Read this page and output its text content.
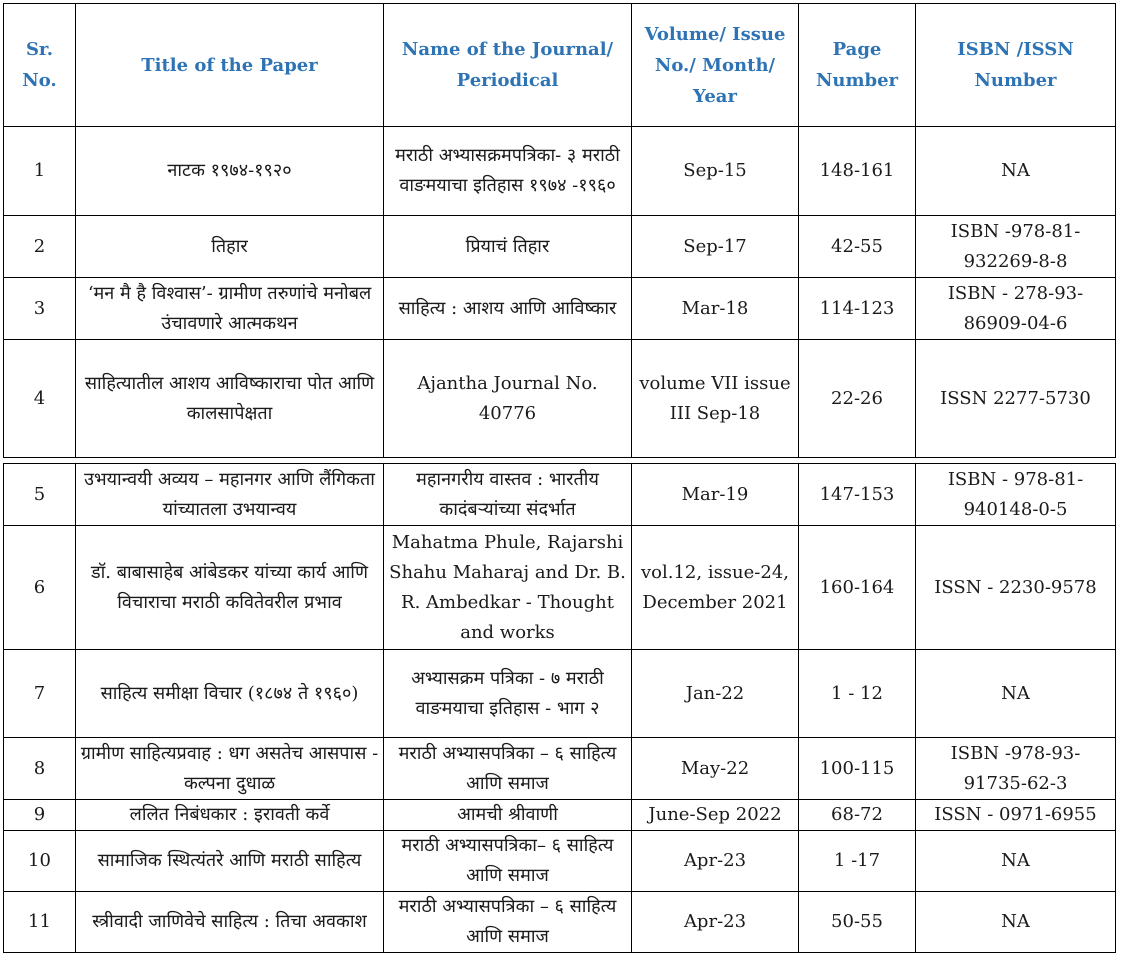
Sr. No.	Title of the Paper	Name of the Journal/ Periodical	Volume/ Issue No./ Month/ Year	Page Number	ISBN /ISSN Number
1	नाटक १९७४-१९२०	मराठी अभ्यासक्रमपत्रिका- ३ मराठी वाङमयाचा इतिहास १९७४ -१९६०	Sep-15	148-161	NA
2	तिहार	प्रियाचं तिहार	Sep-17	42-55	ISBN -978-81-932269-8-8
3	‘मन मै है विश्वास’- ग्रामीण तरुणांचे मनोबल उंचावणारे आत्मकथन	साहित्य : आशय आणि आविष्कार	Mar-18	114-123	ISBN - 278-93-86909-04-6
4	साहित्यातील आशय आविष्काराचा पोत आणि कालसापेक्षता	Ajantha Journal No. 40776	volume VII issue III Sep-18	22-26	ISSN 2277-5730

5	उभयान्वयी अव्यय – महानगर आणि लैंगिकता यांच्यातला उभयान्वय	महानगरीय वास्तव : भारतीय कादंबऱ्यांच्या संदर्भात	Mar-19	147-153	ISBN - 978-81-940148-0-5
6	डॉ. बाबासाहेब आंबेडकर यांच्या कार्य आणि विचाराचा मराठी कवितेवरील प्रभाव	Mahatma Phule, Rajarshi Shahu Maharaj and Dr. B. R. Ambedkar - Thought and works	vol.12, issue-24, December 2021	160-164	ISSN - 2230-9578
7	साहित्य समीक्षा विचार (१८७४ ते १९६०)	अभ्यासक्रम पत्रिका - ७ मराठी वाङमयाचा इतिहास - भाग २	Jan-22	1 - 12	NA
8	ग्रामीण साहित्यप्रवाह : धग असतेच आसपास - कल्पना दुधाळ	मराठी अभ्यासपत्रिका – ६ साहित्य आणि समाज	May-22	100-115	ISBN -978-93-91735-62-3
9	ललित निबंधकार : इरावती कर्वे	आमची श्रीवाणी	June-Sep 2022	68-72	ISSN - 0971-6955
10	सामाजिक स्थित्यंतरे आणि मराठी साहित्य	मराठी अभ्यासपत्रिका– ६ साहित्य आणि समाज	Apr-23	1 -17	NA
11	स्त्रीवादी जाणिवेचे साहित्य : तिचा अवकाश	मराठी अभ्यासपत्रिका – ६ साहित्य आणि समाज	Apr-23	50-55	NA
